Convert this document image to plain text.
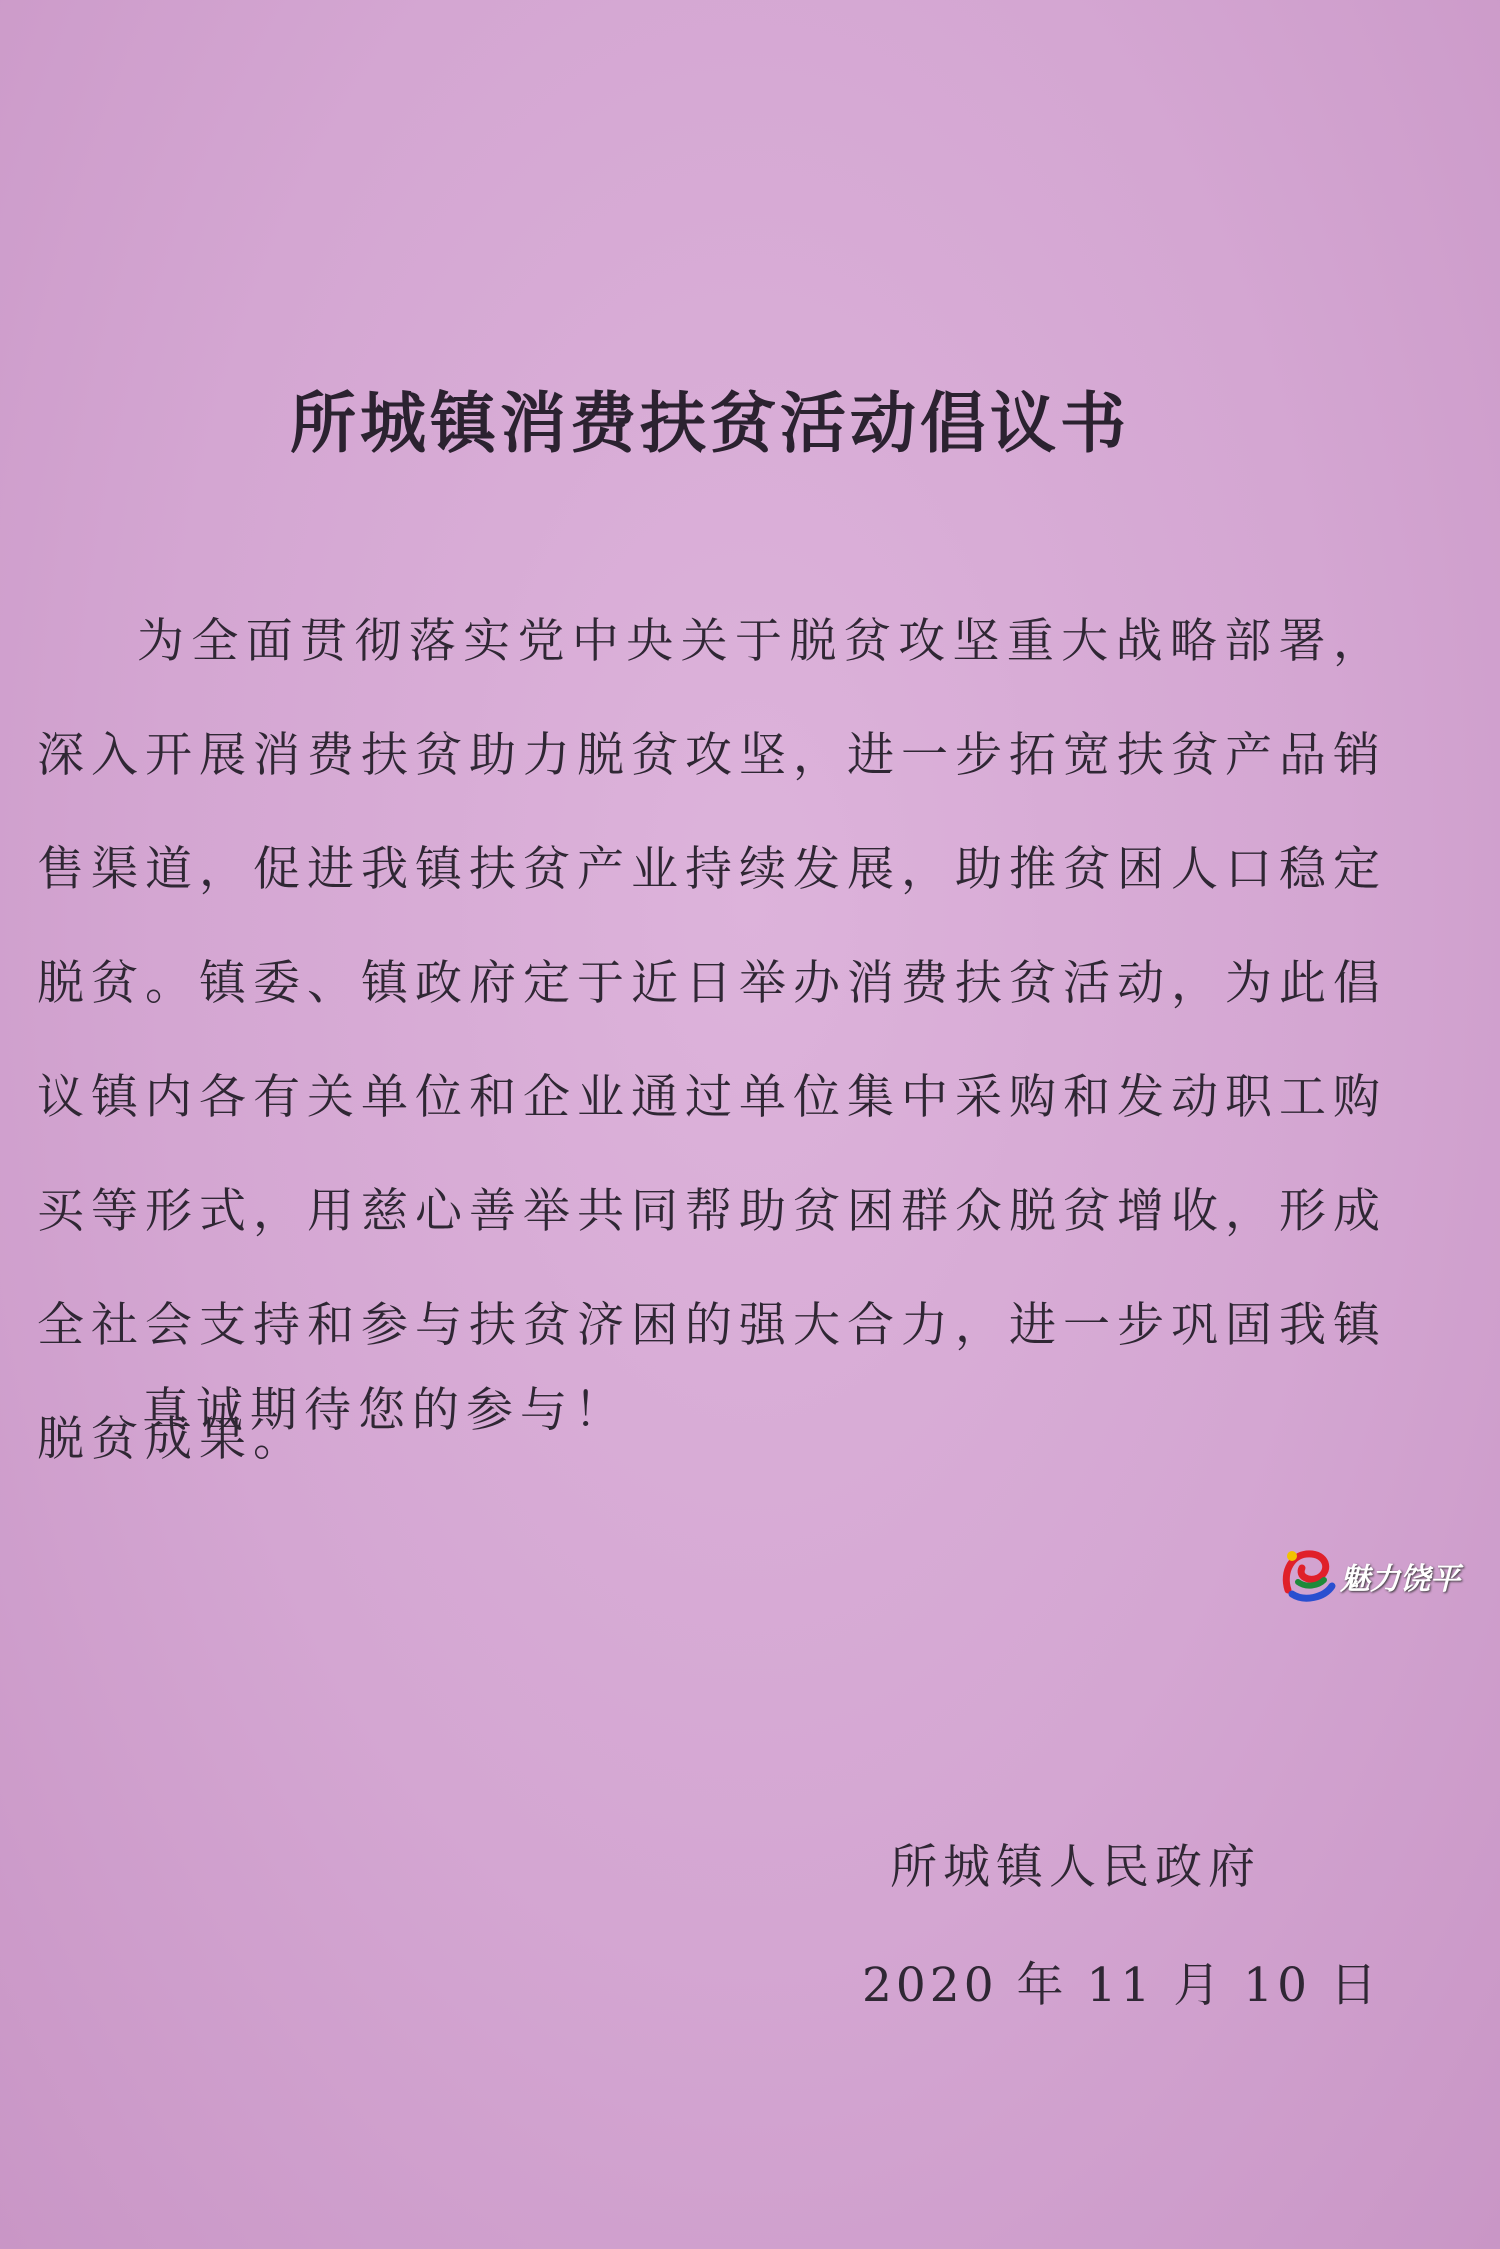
所城镇消费扶贫活动倡议书

为全面贯彻落实党中央关于脱贫攻坚重大战略部署，深入开展消费扶贫助力脱贫攻坚，进一步拓宽扶贫产品销售渠道，促进我镇扶贫产业持续发展，助推贫困人口稳定脱贫。镇委、镇政府定于近日举办消费扶贫活动，为此倡议镇内各有关单位和企业通过单位集中采购和发动职工购买等形式，用慈心善举共同帮助贫困群众脱贫增收，形成全社会支持和参与扶贫济困的强大合力，进一步巩固我镇脱贫成果。

真诚期待您的参与！
魅力饶平
所城镇人民政府
2020 年 11 月 10 日
